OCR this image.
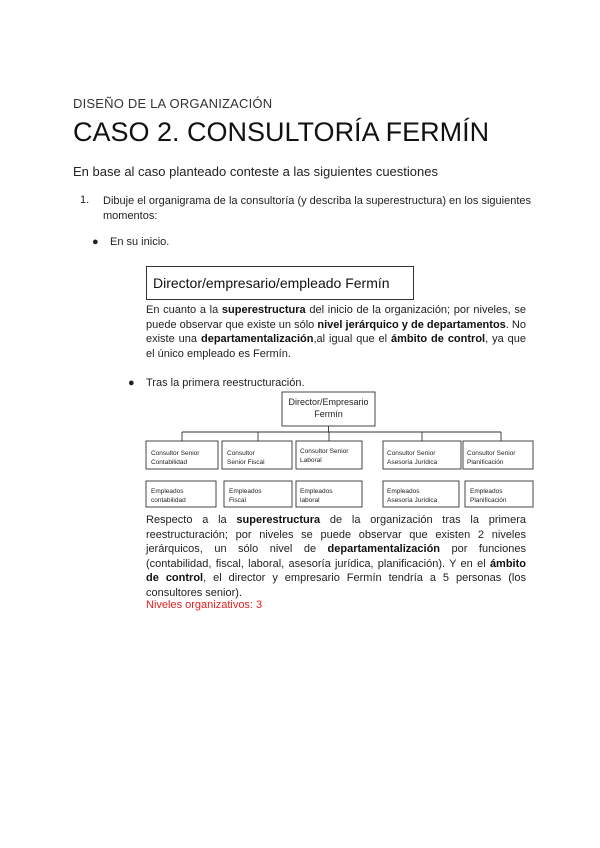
DISEÑO DE LA ORGANIZACIÓN
CASO 2. CONSULTORÍA FERMÍN
En base al caso planteado conteste a las siguientes cuestiones
1. Dibuje el organigrama de la consultoría (y describa la superestructura) en los siguientes momentos:
● En su inicio.
Director/empresario/empleado Fermín
En cuanto a la superestructura del inicio de la organización; por niveles, se puede observar que existe un sólo nivel jerárquico y de departamentos. No existe una departamentalización,al igual que el ámbito de control, ya que el único empleado es Fermín.
● Tras la primera reestructuración.
Director/Empresario
Fermín
Consultor Senior
Contabilidad
Consultor
Senior Fiscal
Consultor Senior
Laboral
Consultor Senior
Asesoría Jurídica
Consultor Senior
Planificación
Empleados
contabilidad
Empleados
Fiscal
Empleados
laboral
Empleados
Asesoría Jurídica
Empleados
Planificación
Respecto a la superestructura de la organización tras la primera reestructuración; por niveles se puede observar que existen 2 niveles jerárquicos, un sólo nivel de departamentalización por funciones (contabilidad, fiscal, laboral, asesoría jurídica, planificación). Y en el ámbito de control, el director y empresario Fermín tendría a 5 personas (los consultores senior).
Niveles organizativos: 3
